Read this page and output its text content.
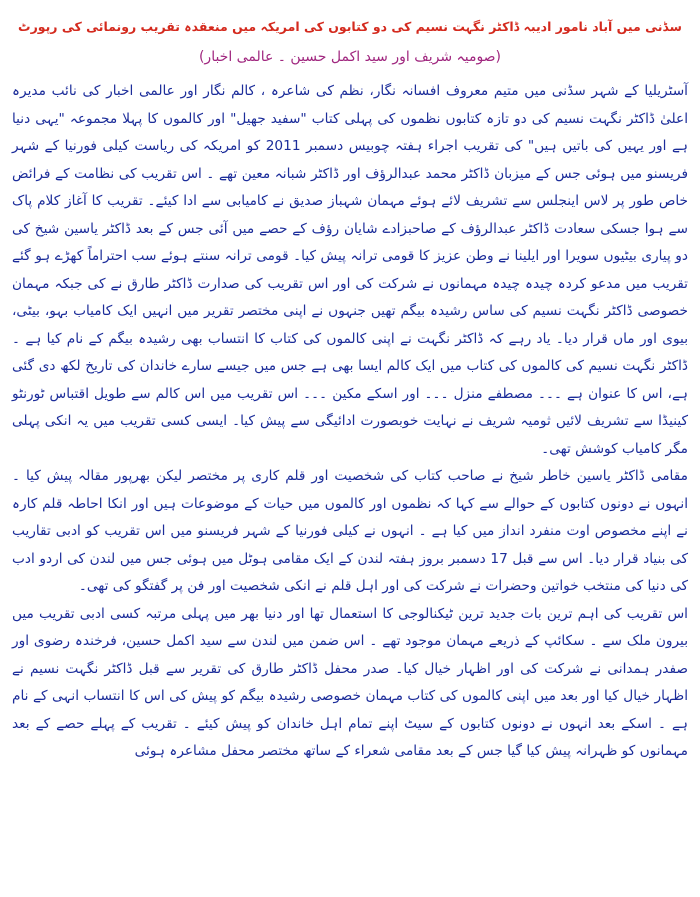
سڈنی میں آباد نامور ادیبہ ڈاکٹر نگہت نسیم کی دو کتابوں کی امریکہ میں منعقدہ تقریب رونمائی کی رپورٹ
(صومیہ شریف اور سید اکمل حسین ۔ عالمی اخبار)

آسٹریلیا کے شہر سڈنی میں متیم معروف افسانہ نگار، نظم کی شاعرہ ، کالم نگار اور عالمی اخبار کی نائب مدیرہ اعلیٰ ڈاکٹر نگہت نسیم کی دو تازہ کتابوں نظموں کی پہلی کتاب "سفید جھیل" اور کالموں کا پہلا مجموعہ "یہی دنیا ہے اور یہیں کی باتیں ہیں" کی تقریب اجراء ہفتہ چوبیس دسمبر 2011 کو امریکہ کی ریاست کیلی فورنیا کے شہر فریسنو میں ہوئی جس کے میزبان ڈاکٹر محمد عبدالرؤف اور ڈاکٹر شبانہ معین تھے ۔ اس تقریب کی نظامت کے فرائض خاص طور پر لاس اینجلس سے تشریف لائے ہوئے مہمان شہباز صدیق نے کامیابی سے ادا کیئے۔ تقریب کا آغاز کلام پاک سے ہوا جسکی سعادت ڈاکٹر عبدالرؤف کے صاحبزادے شایان رؤف کے حصے میں آئی جس کے بعد ڈاکٹر یاسین شیخ کی دو پیاری بیٹیوں سویرا اور ایلینا نے وطن عزیز کا قومی ترانہ پیش کیا۔ قومی ترانہ سنتے ہوئے سب احتراماً کھڑے ہو گئے تقریب میں مدعو کردہ چیدہ چیدہ مہمانوں نے شرکت کی اور اس تقریب کی صدارت ڈاکٹر طارق نے کی جبکہ مہمان خصوصی ڈاکٹر نگہت نسیم کی ساس رشیدہ بیگم تھیں جنہوں نے اپنی مختصر تقریر میں انہیں ایک کامیاب بہو، بیٹی، بیوی اور ماں قرار دیا۔ یاد رہے کہ ڈاکٹر نگہت نے اپنی کالموں کی کتاب کا انتساب بھی رشیدہ بیگم کے نام کیا ہے ۔ ڈاکٹر نگہت نسیم کی کالموں کی کتاب میں ایک کالم ایسا بھی ہے جس میں جیسے سارے خاندان کی تاریخ لکھ دی گئی ہے، اس کا عنوان ہے ۔۔۔ مصطفے منزل ۔۔۔ اور اسکے مکین ۔۔۔ اس تقریب میں اس کالم سے طویل اقتباس ٹورنٹو کینیڈا سے تشریف لائیں ثومیہ شریف نے نہایت خوبصورت ادائیگی سے پیش کیا۔ ایسی کسی تقریب میں یہ انکی پہلی مگر کامیاب کوشش تھی۔

مقامی ڈاکٹر یاسین خاطر شیخ نے صاحب کتاب کی شخصیت اور قلم کاری پر مختصر لیکن بھرپور مقالہ پیش کیا ۔ انہوں نے دونوں کتابوں کے حوالے سے کہا کہ نظموں اور کالموں میں حیات کے موضوعات ہیں اور انکا احاطہ قلم کارہ نے اپنے مخصوص اوت منفرد انداز میں کیا ہے ۔ انہوں نے کیلی فورنیا کے شہر فریسنو میں اس تقریب کو ادبی تقاریب کی بنیاد قرار دیا۔ اس سے قبل 17 دسمبر بروز ہفتہ لندن کے ایک مقامی ہوٹل میں ہوئی جس میں لندن کی اردو ادب کی دنیا کی منتخب خواتین وحضرات نے شرکت کی اور اہل قلم نے انکی شخصیت اور فن پر گفتگو کی تھی۔

اس تقریب کی اہم ترین بات جدید ترین ٹیکنالوجی کا استعمال تھا اور دنیا بھر میں پہلی مرتبہ کسی ادبی تقریب میں بیرون ملک سے ۔ سکائپ کے ذریعے مہمان موجود تھے ۔ اس ضمن میں لندن سے سید اکمل حسین، فرخندہ رضوی اور صفدر ہمدانی نے شرکت کی اور اظہار خیال کیا۔ صدر محفل ڈاکٹر طارق کی تقریر سے قبل ڈاکٹر نگہت نسیم نے اظہار خیال کیا اور بعد میں اپنی کالموں کی کتاب مہمان خصوصی رشیدہ بیگم کو پیش کی اس کا انتساب انہی کے نام ہے ۔ اسکے بعد انہوں نے دونوں کتابوں کے سیٹ اپنے تمام اہل خاندان کو پیش کیئے ۔ تقریب کے پہلے حصے کے بعد مہمانوں کو ظہرانہ پیش کیا گیا جس کے بعد مقامی شعراء کے ساتھ مختصر محفل مشاعرہ ہوئی
